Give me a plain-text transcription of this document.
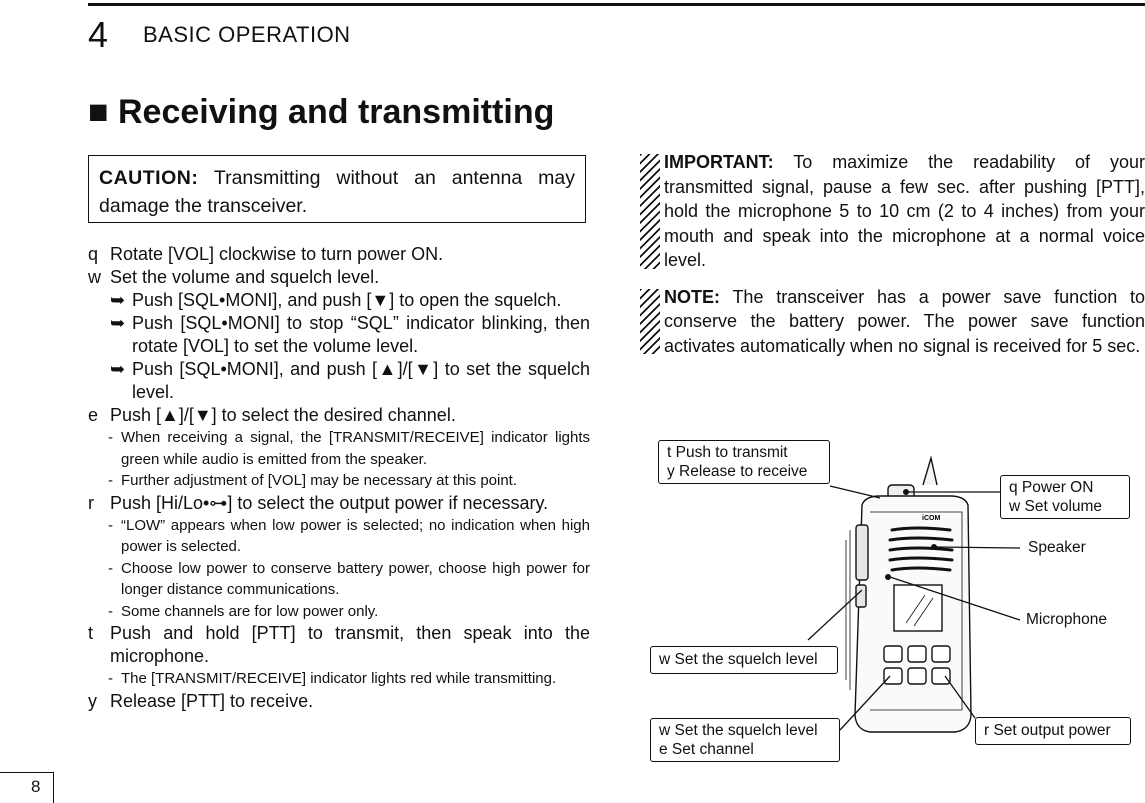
4 BASIC OPERATION
■ Receiving and transmitting
CAUTION: Transmitting without an antenna may damage the transceiver.
q Rotate [VOL] clockwise to turn power ON.
w Set the volume and squelch level.
➥ Push [SQL•MONI], and push [▼] to open the squelch.
➥ Push [SQL•MONI] to stop “SQL” indicator blinking, then rotate [VOL] to set the volume level.
➥ Push [SQL•MONI], and push [▲]/[▼] to set the squelch level.
e Push [▲]/[▼] to select the desired channel.
- When receiving a signal, the [TRANSMIT/RECEIVE] indicator lights green while audio is emitted from the speaker.
- Further adjustment of [VOL] may be necessary at this point.
r Push [Hi/Lo•⊶] to select the output power if necessary.
- “LOW” appears when low power is selected; no indication when high power is selected.
- Choose low power to conserve battery power, choose high power for longer distance communications.
- Some channels are for low power only.
t Push and hold [PTT] to transmit, then speak into the microphone.
- The [TRANSMIT/RECEIVE] indicator lights red while transmitting.
y Release [PTT] to receive.
IMPORTANT: To maximize the readability of your transmitted signal, pause a few sec. after pushing [PTT], hold the microphone 5 to 10 cm (2 to 4 inches) from your mouth and speak into the microphone at a normal voice level.
NOTE: The transceiver has a power save function to conserve the battery power. The power save function activates automatically when no signal is received for 5 sec.
iCOM
t Push to transmit
y Release to receive
q Power ON
w Set volume
Speaker
Microphone
w Set the squelch level
w Set the squelch level
e Set channel
r Set output power
8
